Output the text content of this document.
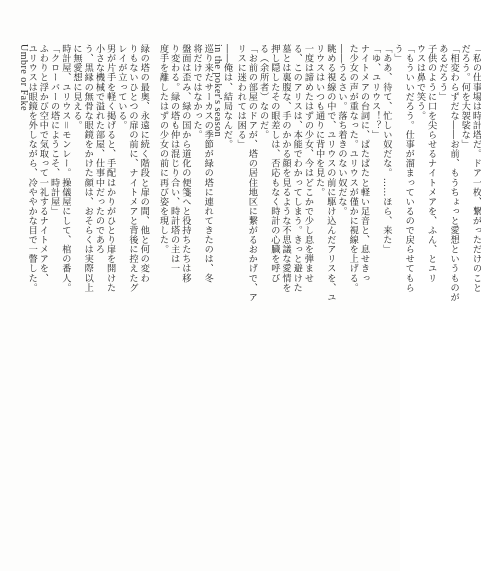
Umbre or Fake	in the poker's season
――俺は、結局なんだ。
巡り来たサーカスの季節が緑の塔に連れてきたのは、冬
将だけではなかった。
盤面は歪み、緑の国から道化の便箋へと役持ちたちは移
り変わる。緑の塔も仲は混じり合い、時計塔の主は一
度手を離したはずの少女の前に再び姿を現した。
緑の塔の最奥、永遠に続く階段と扉の間、他と何の変わ
りもないひとつの扉の前に、ナイトメアと背後に控えたグ
レイが立っている。
男が片手を軽く掲げると、手配はかりがひとり扉を開けた
小さな機械で溢れた部屋、仕事中だったのであろ
う、黒縁の無骨な眼鏡をかけた顔は、おそらくは実際以上
に無愛想に見える。
時計屋、ユリウス＝モンレー。操儀屋にして、棺の番人。
「クローバーの塔にようこそ、時計屋」
ふわりと浮かび空中で気取って一礼するナイトメアを、
ユリウスは眼鏡を外しながら、冷ややかな目で一瞥した。	「私の仕事場は時計塔だ。ドア一枚、繋がっただけのこと
だろう。何を大袈裟な」
「相変わらずだな――お前、もうちょっと愛想というものが
あるだろう」
子供のように口を尖らせるナイトメアを、ふん、とユリ
ウスは鼻で笑う。
「もういいだろう。仕事が溜まっているので戻らせてもら
う」
「ああ、待て、忙しい奴だな。……ほら、来た」
「ゆ、ユリウス！？」
ナイトメアの台詞に、ぱたぱたと軽い足音と、息せきっ
た少女の声が重なった。ユリウスが僅かに視線を上げる。
――うるさい。落ち着きのない奴だな。
眺める視線の中で、ユリウスの前に駆け込んだアリスを、ユ
リウスはいつも通りに背中を見た。
一度は諦めたはずの少女、今はどこかで少し息を弾ませ
る、このアリスは、本能でわかってしまう。きっと避けた
墓とは裏腹な、手のかかる顔を見るような不思議な愛情を
押し隠したその眼差しは、否応もなく時計の心臓を呼び
る（余所者）なのだ。
「お前の部屋のドアが、塔の居住地区に繋がるおかげで、ア
リスに迷われては困る」
